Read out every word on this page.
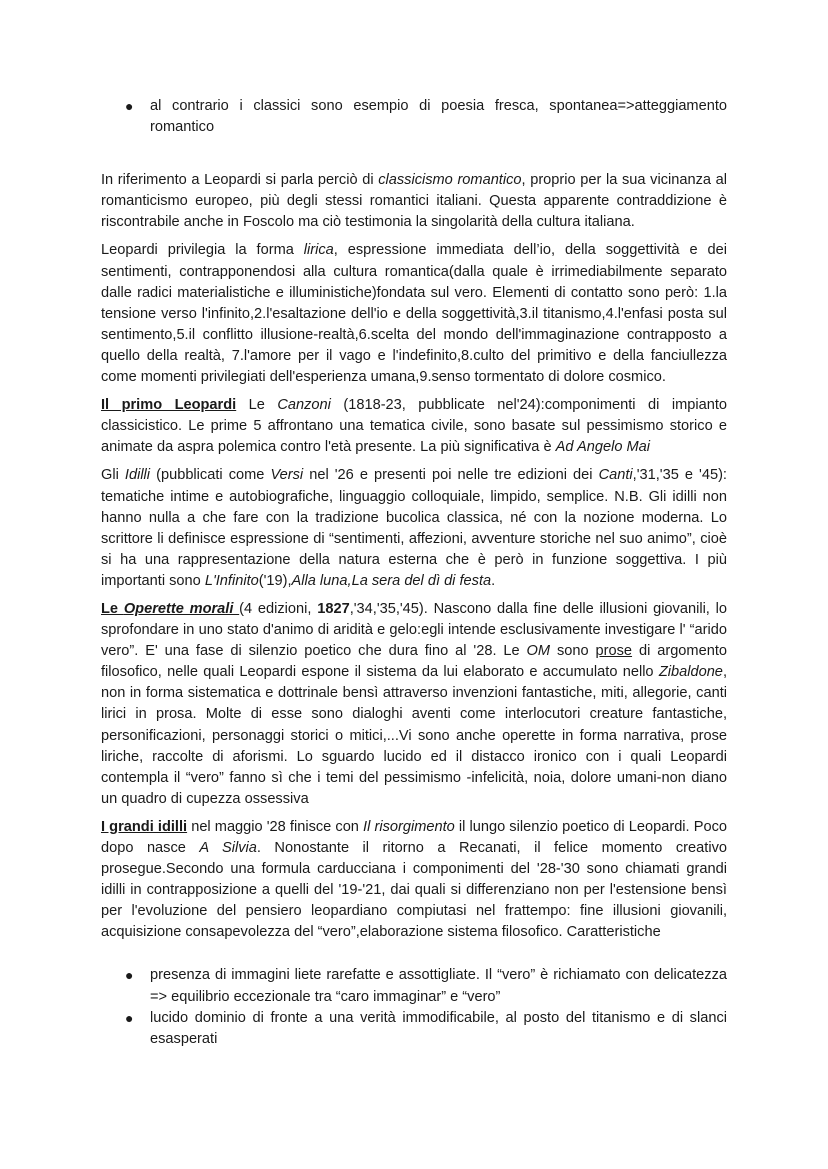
● al contrario i classici sono esempio di poesia fresca, spontanea=>atteggiamento romantico

In riferimento a Leopardi si parla perciò di classicismo romantico, proprio per la sua vicinanza al romanticismo europeo, più degli stessi romantici italiani. Questa apparente contraddizione è riscontrabile anche in Foscolo ma ciò testimonia la singolarità della cultura italiana.

Leopardi privilegia la forma lirica, espressione immediata dell’io, della soggettività e dei sentimenti, contrapponendosi alla cultura romantica(dalla quale è irrimediabilmente separato dalle radici materialistiche e illuministiche)fondata sul vero. Elementi di contatto sono però: 1.la tensione verso l'infinito,2.l'esaltazione dell'io e della soggettività,3.il titanismo,4.l'enfasi posta sul sentimento,5.il conflitto illusione-realtà,6.scelta del mondo dell'immaginazione contrapposto a quello della realtà, 7.l'amore per il vago e l'indefinito,8.culto del primitivo e della fanciullezza come momenti privilegiati dell'esperienza umana,9.senso tormentato di dolore cosmico.

Il primo Leopardi Le Canzoni (1818-23, pubblicate nel'24):componimenti di impianto classicistico. Le prime 5 affrontano una tematica civile, sono basate sul pessimismo storico e animate da aspra polemica contro l'età presente. La più significativa è Ad Angelo Mai

Gli Idilli (pubblicati come Versi nel '26 e presenti poi nelle tre edizioni dei Canti,'31,'35 e '45): tematiche intime e autobiografiche, linguaggio colloquiale, limpido, semplice. N.B. Gli idilli non hanno nulla a che fare con la tradizione bucolica classica, né con la nozione moderna. Lo scrittore li definisce espressione di “sentimenti, affezioni, avventure storiche nel suo animo”, cioè si ha una rappresentazione della natura esterna che è però in funzione soggettiva. I più importanti sono L'Infinito('19),Alla luna,La sera del dì di festa.

Le Operette morali (4 edizioni, 1827,'34,'35,'45). Nascono dalla fine delle illusioni giovanili, lo sprofondare in uno stato d'animo di aridità e gelo:egli intende esclusivamente investigare l' “arido vero”. E' una fase di silenzio poetico che dura fino al '28. Le OM sono prose di argomento filosofico, nelle quali Leopardi espone il sistema da lui elaborato e accumulato nello Zibaldone, non in forma sistematica e dottrinale bensì attraverso invenzioni fantastiche, miti, allegorie, canti lirici in prosa. Molte di esse sono dialoghi aventi come interlocutori creature fantastiche, personificazioni, personaggi storici o mitici,...Vi sono anche operette in forma narrativa, prose liriche, raccolte di aforismi. Lo sguardo lucido ed il distacco ironico con i quali Leopardi contempla il “vero” fanno sì che i temi del pessimismo -infelicità, noia, dolore umani-non diano un quadro di cupezza ossessiva

I grandi idilli nel maggio '28 finisce con Il risorgimento il lungo silenzio poetico di Leopardi. Poco dopo nasce A Silvia. Nonostante il ritorno a Recanati, il felice momento creativo prosegue.Secondo una formula carducciana i componimenti del '28-'30 sono chiamati grandi idilli in contrapposizione a quelli del '19-'21, dai quali si differenziano non per l'estensione bensì per l'evoluzione del pensiero leopardiano compiutasi nel frattempo: fine illusioni giovanili, acquisizione consapevolezza del “vero”,elaborazione sistema filosofico. Caratteristiche

● presenza di immagini liete rarefatte e assottigliate. Il “vero” è richiamato con delicatezza => equilibrio eccezionale tra “caro immaginar” e “vero”
● lucido dominio di fronte a una verità immodificabile, al posto del titanismo e di slanci esasperati
